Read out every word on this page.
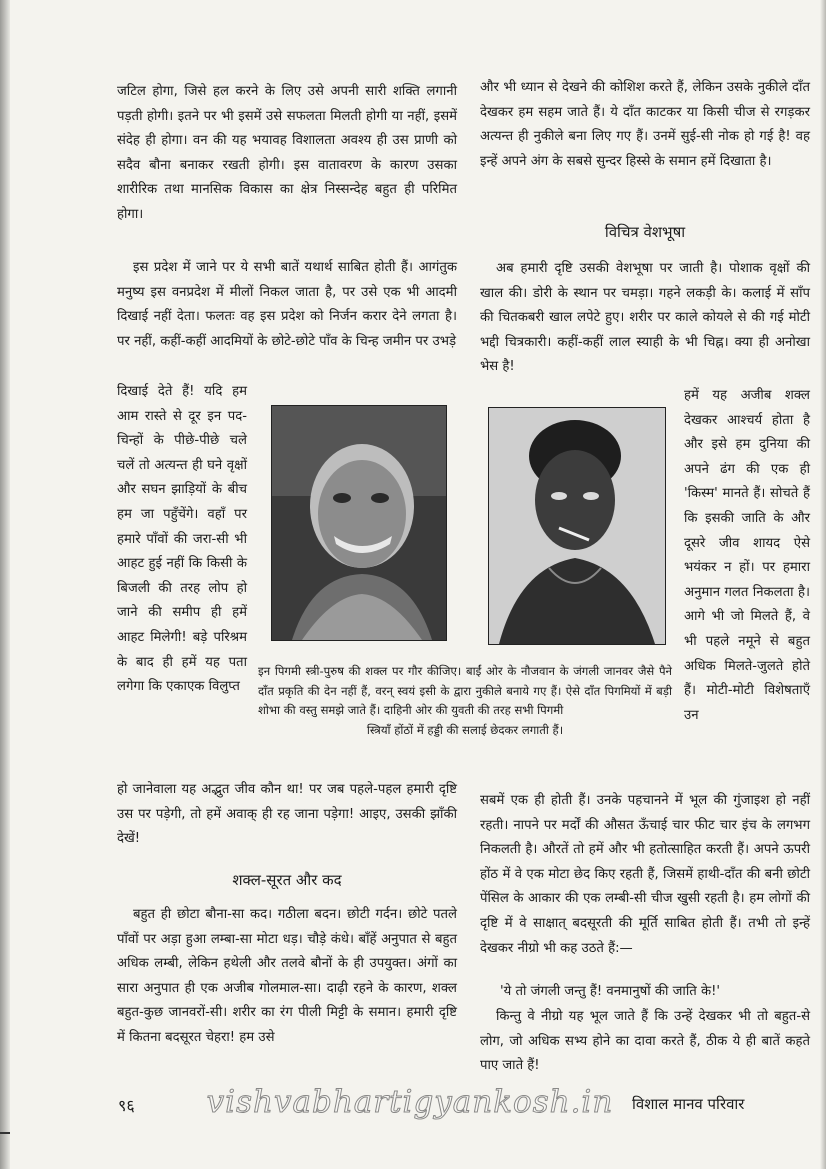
जटिल होगा, जिसे हल करने के लिए उसे अपनी सारी शक्ति लगानी पड़ती होगी। इतने पर भी इसमें उसे सफलता मिलती होगी या नहीं, इसमें संदेह ही होगा। वन की यह भयावह विशालता अवश्य ही उस प्राणी को सदैव बौना बनाकर रखती होगी। इस वातावरण के कारण उसका शारीरिक तथा मानसिक विकास का क्षेत्र निस्सन्देह बहुत ही परिमित होगा।

इस प्रदेश में जाने पर ये सभी बातें यथार्थ साबित होती हैं। आगंतुक मनुष्य इस वनप्रदेश में मीलों निकल जाता है, पर उसे एक भी आदमी दिखाई नहीं देता। फलतः वह इस प्रदेश को निर्जन करार देने लगता है। पर नहीं, कहीं-कहीं आदमियों के छोटे-छोटे पाँव के चिन्ह जमीन पर उभड़े

दिखाई देते हैं! यदि हम आम रास्ते से दूर इन पद-चिन्हों के पीछे-पीछे चले चलें तो अत्यन्त ही घने वृक्षों और सघन झाड़ियों के बीच हम जा पहुँचेंगे। वहाँ पर हमारे पाँवों की जरा-सी भी आहट हुई नहीं कि किसी के बिजली की तरह लोप हो जाने की समीप ही हमें आहट मिलेगी! बड़े परिश्रम के बाद ही हमें यह पता लगेगा कि एकाएक विलुप्त

हो जानेवाला यह अद्भुत जीव कौन था! पर जब पहले-पहल हमारी दृष्टि उस पर पड़ेगी, तो हमें अवाक् ही रह जाना पड़ेगा! आइए, उसकी झाँकी देखें!

शक्ल-सूरत और कद

बहुत ही छोटा बौना-सा कद। गठीला बदन। छोटी गर्दन। छोटे पतले पाँवों पर अड़ा हुआ लम्बा-सा मोटा धड़। चौड़े कंधे। बाँहें अनुपात से बहुत अधिक लम्बी, लेकिन हथेली और तलवे बौनों के ही उपयुक्त। अंगों का सारा अनुपात ही एक अजीब गोलमाल-सा। दाढ़ी रहने के कारण, शक्ल बहुत-कुछ जानवरों-सी। शरीर का रंग पीली मिट्टी के समान। हमारी दृष्टि में कितना बदसूरत चेहरा! हम उसे

इन पिगमी स्त्री-पुरुष की शक्ल पर गौर कीजिए। बाईं ओर के नौजवान के जंगली जानवर जैसे पैने दाँत प्रकृति की देन नहीं हैं, वरन् स्वयं इसी के द्वारा नुकीले बनाये गए हैं। ऐसे दाँत पिगमियों में बड़ी शोभा की वस्तु समझे जाते हैं। दाहिनी ओर की युवती की तरह सभी पिगमी
स्त्रियाँ होंठों में हड्डी की सलाई छेदकर लगाती हैं।

और भी ध्यान से देखने की कोशिश करते हैं, लेकिन उसके नुकीले दाँत देखकर हम सहम जाते हैं। ये दाँत काटकर या किसी चीज से रगड़कर अत्यन्त ही नुकीले बना लिए गए हैं। उनमें सुई-सी नोक हो गई है! वह इन्हें अपने अंग के सबसे सुन्दर हिस्से के समान हमें दिखाता है।

विचित्र वेशभूषा

अब हमारी दृष्टि उसकी वेशभूषा पर जाती है। पोशाक वृक्षों की खाल की। डोरी के स्थान पर चमड़ा। गहने लकड़ी के। कलाई में साँप की चितकबरी खाल लपेटे हुए। शरीर पर काले कोयले से की गई मोटी भद्दी चित्रकारी। कहीं-कहीं लाल स्याही के भी चिह्न। क्या ही अनोखा भेस है!

हमें यह अजीब शक्ल देखकर आश्चर्य होता है और इसे हम दुनिया की अपने ढंग की एक ही 'किस्म' मानते हैं। सोचते हैं कि इसकी जाति के और दूसरे जीव शायद ऐसे भयंकर न हों। पर हमारा अनुमान गलत निकलता है। आगे भी जो मिलते हैं, वे भी पहले नमूने से बहुत अधिक मिलते-जुलते होते हैं। मोटी-मोटी विशेषताएँ उन

सबमें एक ही होती हैं। उनके पहचानने में भूल की गुंजाइश हो नहीं रहती। नापने पर मर्दों की औसत ऊँचाई चार फीट चार इंच के लगभग निकलती है। औरतें तो हमें और भी हतोत्साहित करती हैं। अपने ऊपरी होंठ में वे एक मोटा छेद किए रहती हैं, जिसमें हाथी-दाँत की बनी छोटी पेंसिल के आकार की एक लम्बी-सी चीज खुसी रहती है। हम लोगों की दृष्टि में वे साक्षात् बदसूरती की मूर्ति साबित होती हैं। तभी तो इन्हें देखकर नीग्रो भी कह उठते हैं:—

'ये तो जंगली जन्तु हैं! वनमानुषों की जाति के!'

किन्तु वे नीग्रो यह भूल जाते हैं कि उन्हें देखकर भी तो बहुत-से लोग, जो अधिक सभ्य होने का दावा करते हैं, ठीक ये ही बातें कहते पाए जाते हैं!

९६ vishvabhartigyankosh.in	विशाल मानव परिवार
